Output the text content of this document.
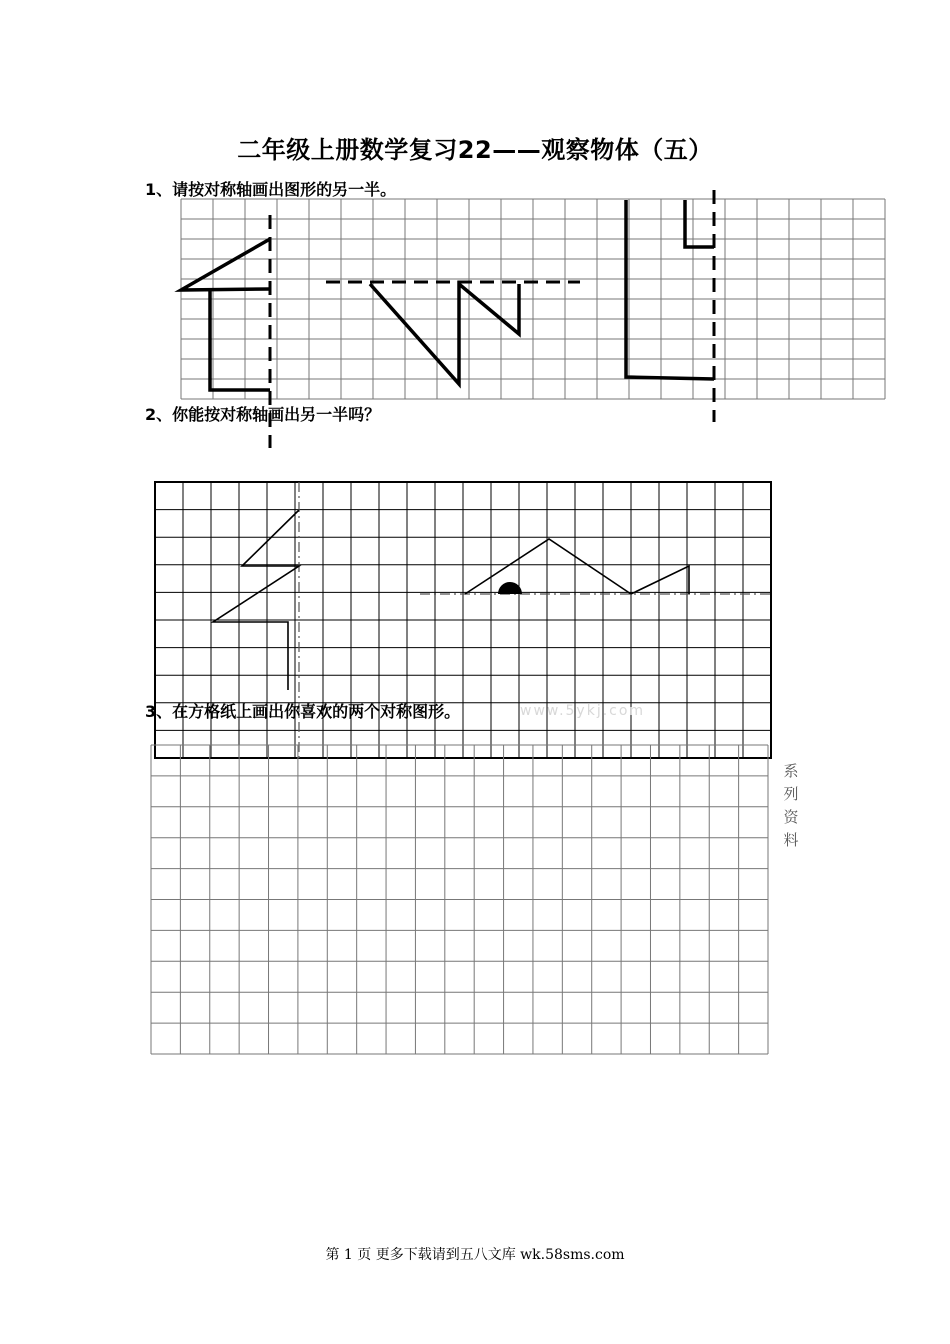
二年级上册数学复习22——观察物体（五）
1、请按对称轴画出图形的另一半。
2、你能按对称轴画出另一半吗？
3、在方格纸上画出你喜欢的两个对称图形。	www.5ykj.com
系
列
资
料
第 1 页 更多下载请到五八文库 wk.58sms.com
